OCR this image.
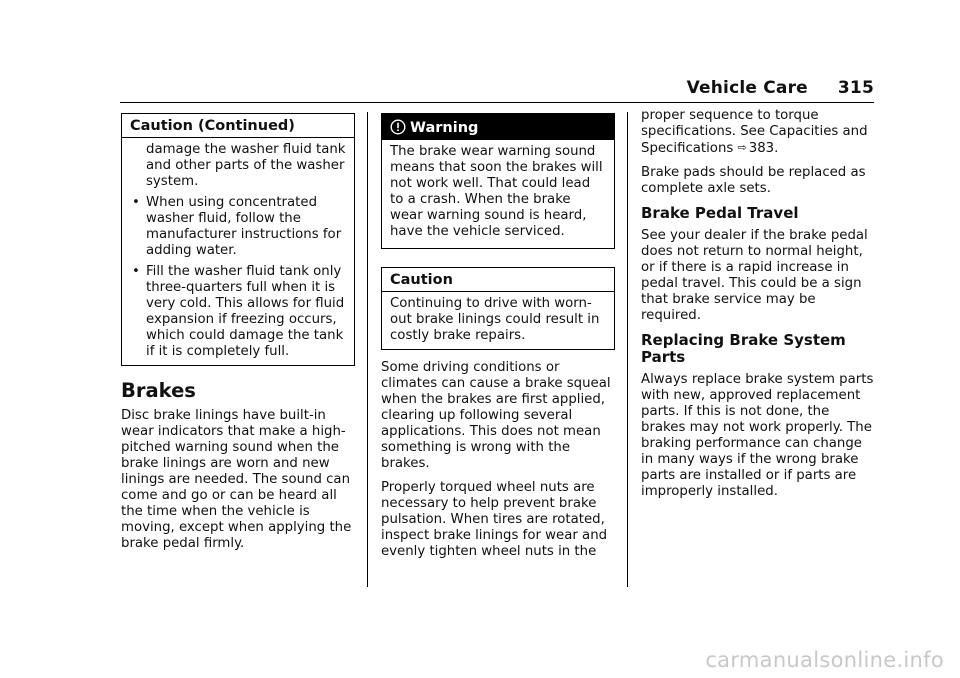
Vehicle Care 315
Caution (Continued)

damage the washer fluid tank and other parts of the washer system.

• When using concentrated washer fluid, follow the manufacturer instructions for adding water.
• Fill the washer fluid tank only three-quarters full when it is very cold. This allows for fluid expansion if freezing occurs, which could damage the tank if it is completely full.
Brakes

Disc brake linings have built-in wear indicators that make a high-pitched warning sound when the brake linings are worn and new linings are needed. The sound can come and go or can be heard all the time when the vehicle is moving, except when applying the brake pedal firmly.

Warning

The brake wear warning sound means that soon the brakes will not work well. That could lead to a crash. When the brake wear warning sound is heard, have the vehicle serviced.

Caution

Continuing to drive with worn-out brake linings could result in costly brake repairs.

Some driving conditions or climates can cause a brake squeal when the brakes are first applied, clearing up following several applications. This does not mean something is wrong with the brakes.

Properly torqued wheel nuts are necessary to help prevent brake pulsation. When tires are rotated, inspect brake linings for wear and evenly tighten wheel nuts in the

proper sequence to torque specifications. See Capacities and Specifications ⇨ 383.

Brake pads should be replaced as complete axle sets.

Brake Pedal Travel

See your dealer if the brake pedal does not return to normal height, or if there is a rapid increase in pedal travel. This could be a sign that brake service may be required.

Replacing Brake System Parts

Always replace brake system parts with new, approved replacement parts. If this is not done, the brakes may not work properly. The braking performance can change in many ways if the wrong brake parts are installed or if parts are improperly installed.

carmanualsonline.info
